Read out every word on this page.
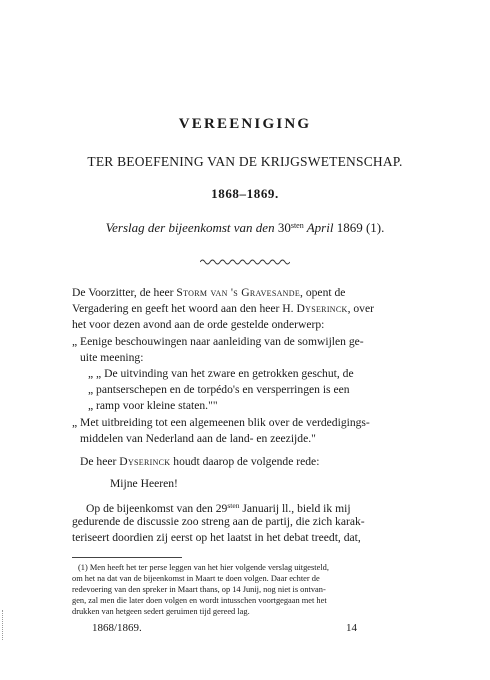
VEREENIGING
TER BEOEFENING VAN DE KRIJGSWETENSCHAP.
1868–1869.
Verslag der bijeenkomst van den $30^{sten}$ April 1869 (1).
De Voorzitter, de heer Storm van 's Gravesande, opent de
Vergadering en geeft het woord aan den heer H. Dyserinck, over
het voor dezen avond aan de orde gestelde onderwerp:
„ Eenige beschouwingen naar aanleiding van de somwijlen ge-
uite meening:
„ „ De uitvinding van het zware en getrokken geschut, de
„ pantserschepen en de torpédo's en versperringen is een
„ ramp voor kleine staten.""
„ Met uitbreiding tot een algemeenen blik over de verdedigings-
middelen van Nederland aan de land- en zeezijde."
De heer Dyserinck houdt daarop de volgende rede:
Mijne Heeren!
Op de bijeenkomst van den $29^{sten}$ Januarij ll., bield ik mij
gedurende de discussie zoo streng aan de partij, die zich karak-
teriseert doordien zij eerst op het laatst in het debat treedt, dat,
(1) Men heeft het ter perse leggen van het hier volgende verslag uitgesteld,
om het na dat van de bijeenkomst in Maart te doen volgen. Daar echter de
redevoering van den spreker in Maart thans, op 14 Junij, nog niet is ontvan-
gen, zal men die later doen volgen en wordt intusschen voortgegaan met het
drukken van hetgeen sedert geruimen tijd gereed lag.
1868/1869.	14
